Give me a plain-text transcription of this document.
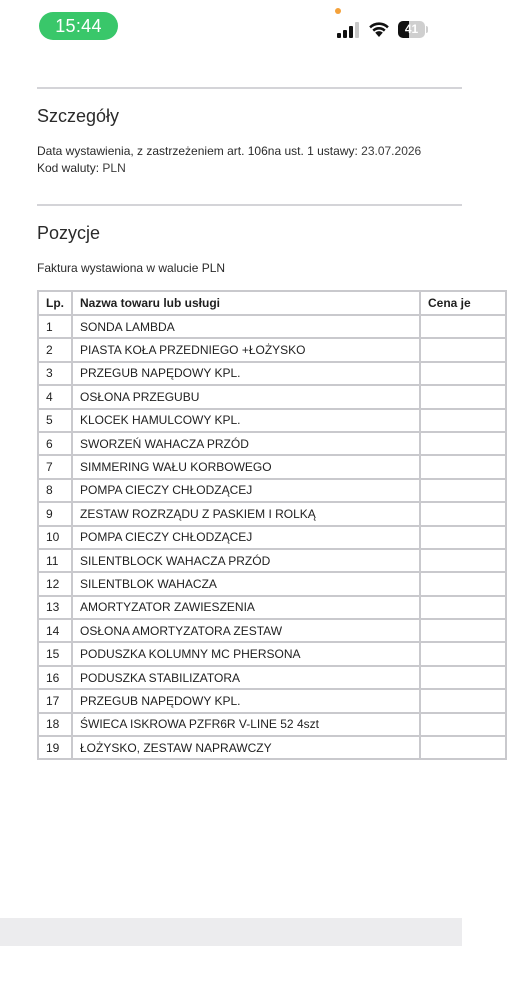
15:44	41
Szczegóły
Data wystawienia, z zastrzeżeniem art. 106na ust. 1 ustawy: 23.07.2026
Kod waluty: PLN
Pozycje
Faktura wystawiona w walucie PLN
Lp.	Nazwa towaru lub usługi	Cena je
1	SONDA LAMBDA	
2	PIASTA KOŁA PRZEDNIEGO +ŁOŻYSKO	
3	PRZEGUB NAPĘDOWY KPL.	
4	OSŁONA PRZEGUBU	
5	KLOCEK HAMULCOWY KPL.	
6	SWORZEŃ WAHACZA PRZÓD	
7	SIMMERING WAŁU KORBOWEGO	
8	POMPA CIECZY CHŁODZĄCEJ	
9	ZESTAW ROZRZĄDU Z PASKIEM I ROLKĄ	
10	POMPA CIECZY CHŁODZĄCEJ	
11	SILENTBLOCK WAHACZA PRZÓD	
12	SILENTBLOK WAHACZA	
13	AMORTYZATOR ZAWIESZENIA	
14	OSŁONA AMORTYZATORA ZESTAW	
15	PODUSZKA KOLUMNY MC PHERSONA	
16	PODUSZKA STABILIZATORA	
17	PRZEGUB NAPĘDOWY KPL.	
18	ŚWIECA ISKROWA PZFR6R V-LINE 52 4szt	
19	ŁOŻYSKO, ZESTAW NAPRAWCZY	
